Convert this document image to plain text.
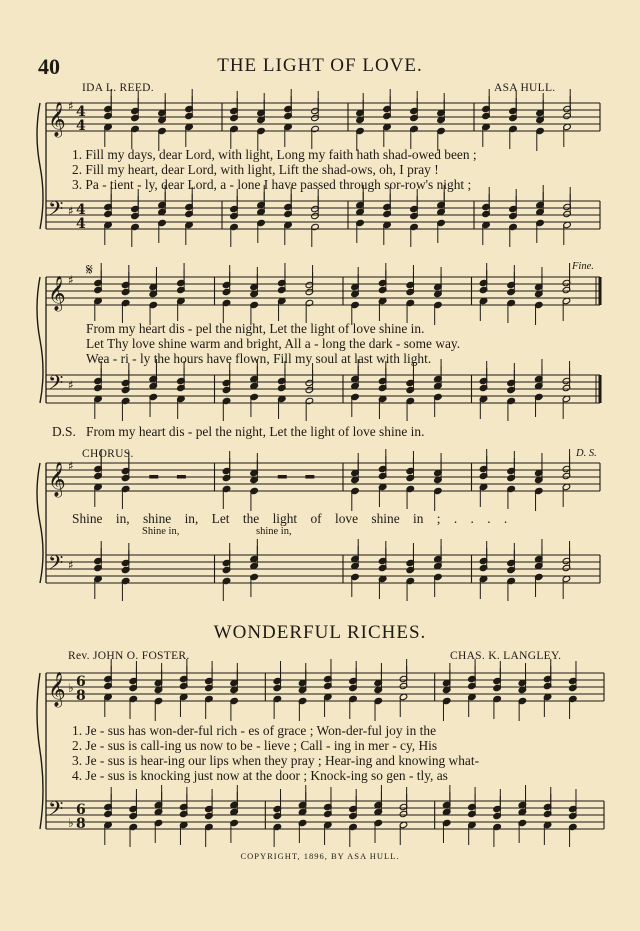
𝄞
𝄢
♯
♯
4
4
4
4
𝄞
𝄢
♯
♯
𝄋
𝄞
𝄢
♯
♯
𝄞
𝄢
♭
♭
6
8
6
8
40	THE LIGHT OF LOVE.
IDA L. REED.	ASA HULL.
1. Fill my days, dear Lord, with light, Long my faith hath shad-owed been ;
2. Fill my heart, dear Lord, with light, Lift the shad-ows, oh, I pray !
3. Pa - tient - ly, dear Lord, a - lone I have passed through sor-row's night ;
Fine.
From my heart dis - pel the night, Let the light of love shine in.
Let Thy love shine warm and bright, All a - long the dark - some way.
Wea - ri - ly the hours have flown, Fill my soul at last with light.
D.S. From my heart dis - pel the night, Let the light of love shine in.
CHORUS.	D. S.
Shine in, shine in, Let the light of love shine in ; . . . .
Shine in,	shine in,
WONDERFUL RICHES.
Rev. JOHN O. FOSTER.	CHAS. K. LANGLEY.
1. Je - sus has won-der-ful rich - es of grace ; Won-der-ful joy in the
2. Je - sus is call-ing us now to be - lieve ; Call - ing in mer - cy, His
3. Je - sus is hear-ing our lips when they pray ; Hear-ing and knowing what-
4. Je - sus is knocking just now at the door ; Knock-ing so gen - tly, as
COPYRIGHT, 1896, BY ASA HULL.
